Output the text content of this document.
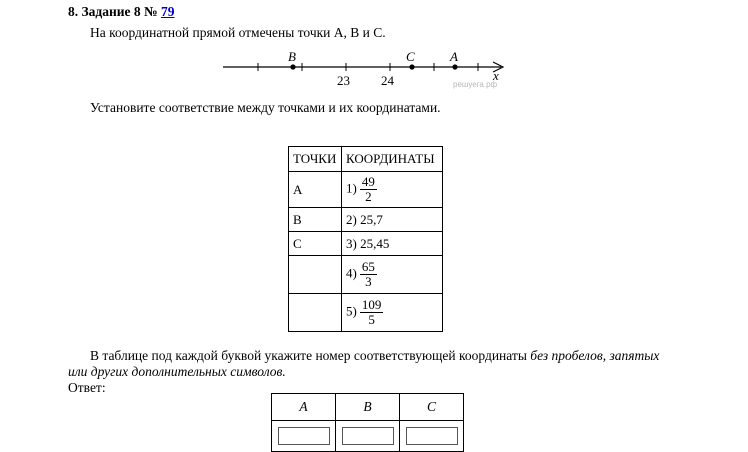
8. Задание 8 № 79
На координатной прямой отмечены точки A, B и C.
B	C	A
23 24	x
решуега.рф
Установите соответствие между точками и их координатами.
ТОЧКИ	КООРДИНАТЫ
A	$1) \frac{49}{2}$

B	2) 25,7
C	3) 25,45
	$4) \frac{65}{3}$

	$5) \frac{109}{5}$
В таблице под каждой буквой укажите номер соответствующей координаты без пробелов, запятых или других дополнительных символов.
Ответ:
A	B	C
